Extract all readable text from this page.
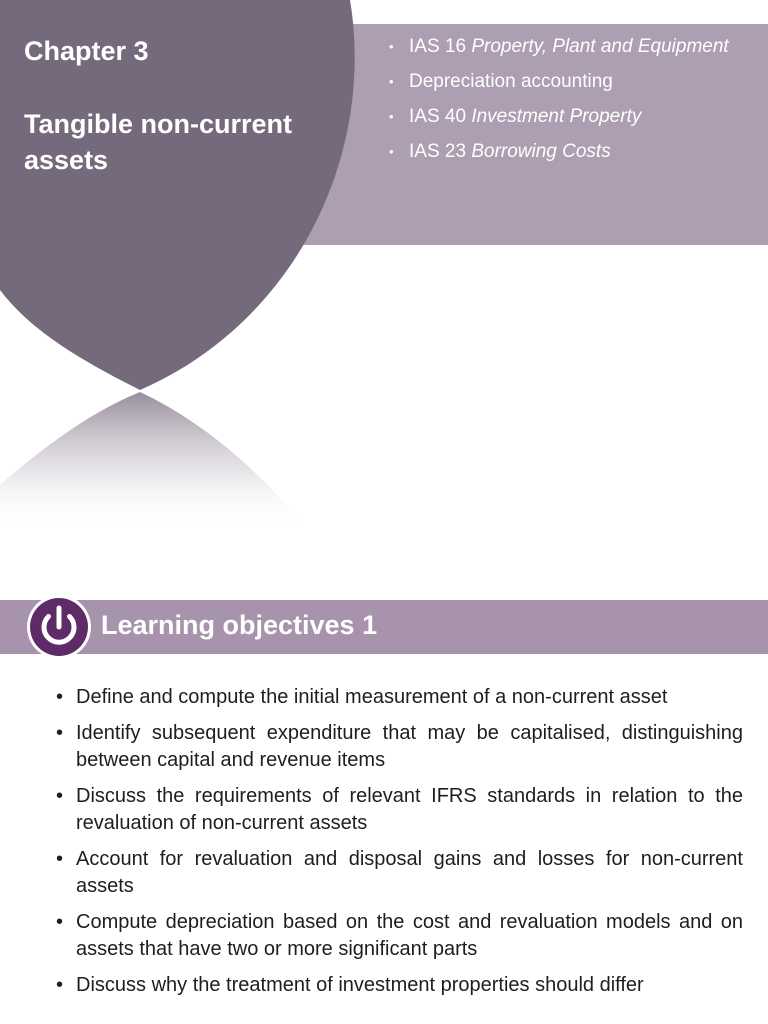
Chapter 3
Tangible non-current assets
• IAS 16 Property, Plant and Equipment
• Depreciation accounting
• IAS 40 Investment Property
• IAS 23 Borrowing Costs
Learning objectives 1
• Define and compute the initial measurement of a non-current asset
• Identify subsequent expenditure that may be capitalised, distinguishing between capital and revenue items
• Discuss the requirements of relevant IFRS standards in relation to the revaluation of non-current assets
• Account for revaluation and disposal gains and losses for non-current assets
• Compute depreciation based on the cost and revaluation models and on assets that have two or more significant parts
• Discuss why the treatment of investment properties should differ
